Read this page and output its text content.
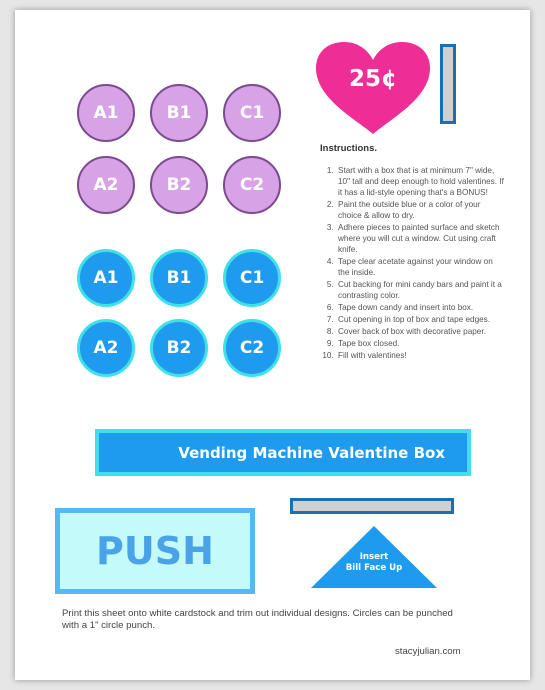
25¢
A1	B1	C1
A2	B2	C2
A1	B1	C1
A2	B2	C2
Instructions.
1. Start with a box that is at minimum 7" wide, 10" tall and deep enough to hold valentines. If it has a lid-style opening that's a BONUS!
2. Paint the outside blue or a color of your choice & allow to dry.
3. Adhere pieces to painted surface and sketch where you will cut a window. Cut using craft knife.
4. Tape clear acetate against your window on the inside.
5. Cut backing for mini candy bars and paint it a contrasting color.
6. Tape down candy and insert into box.
7. Cut opening in top of box and tape edges.
8. Cover back of box with decorative paper.
9. Tape box closed.
10. Fill with valentines!
Vending Machine Valentine Box
PUSH	Insert
Bill Face Up
Print this sheet onto white cardstock and trim out individual designs. Circles can be punched with a 1" circle punch.
stacyjulian.com
